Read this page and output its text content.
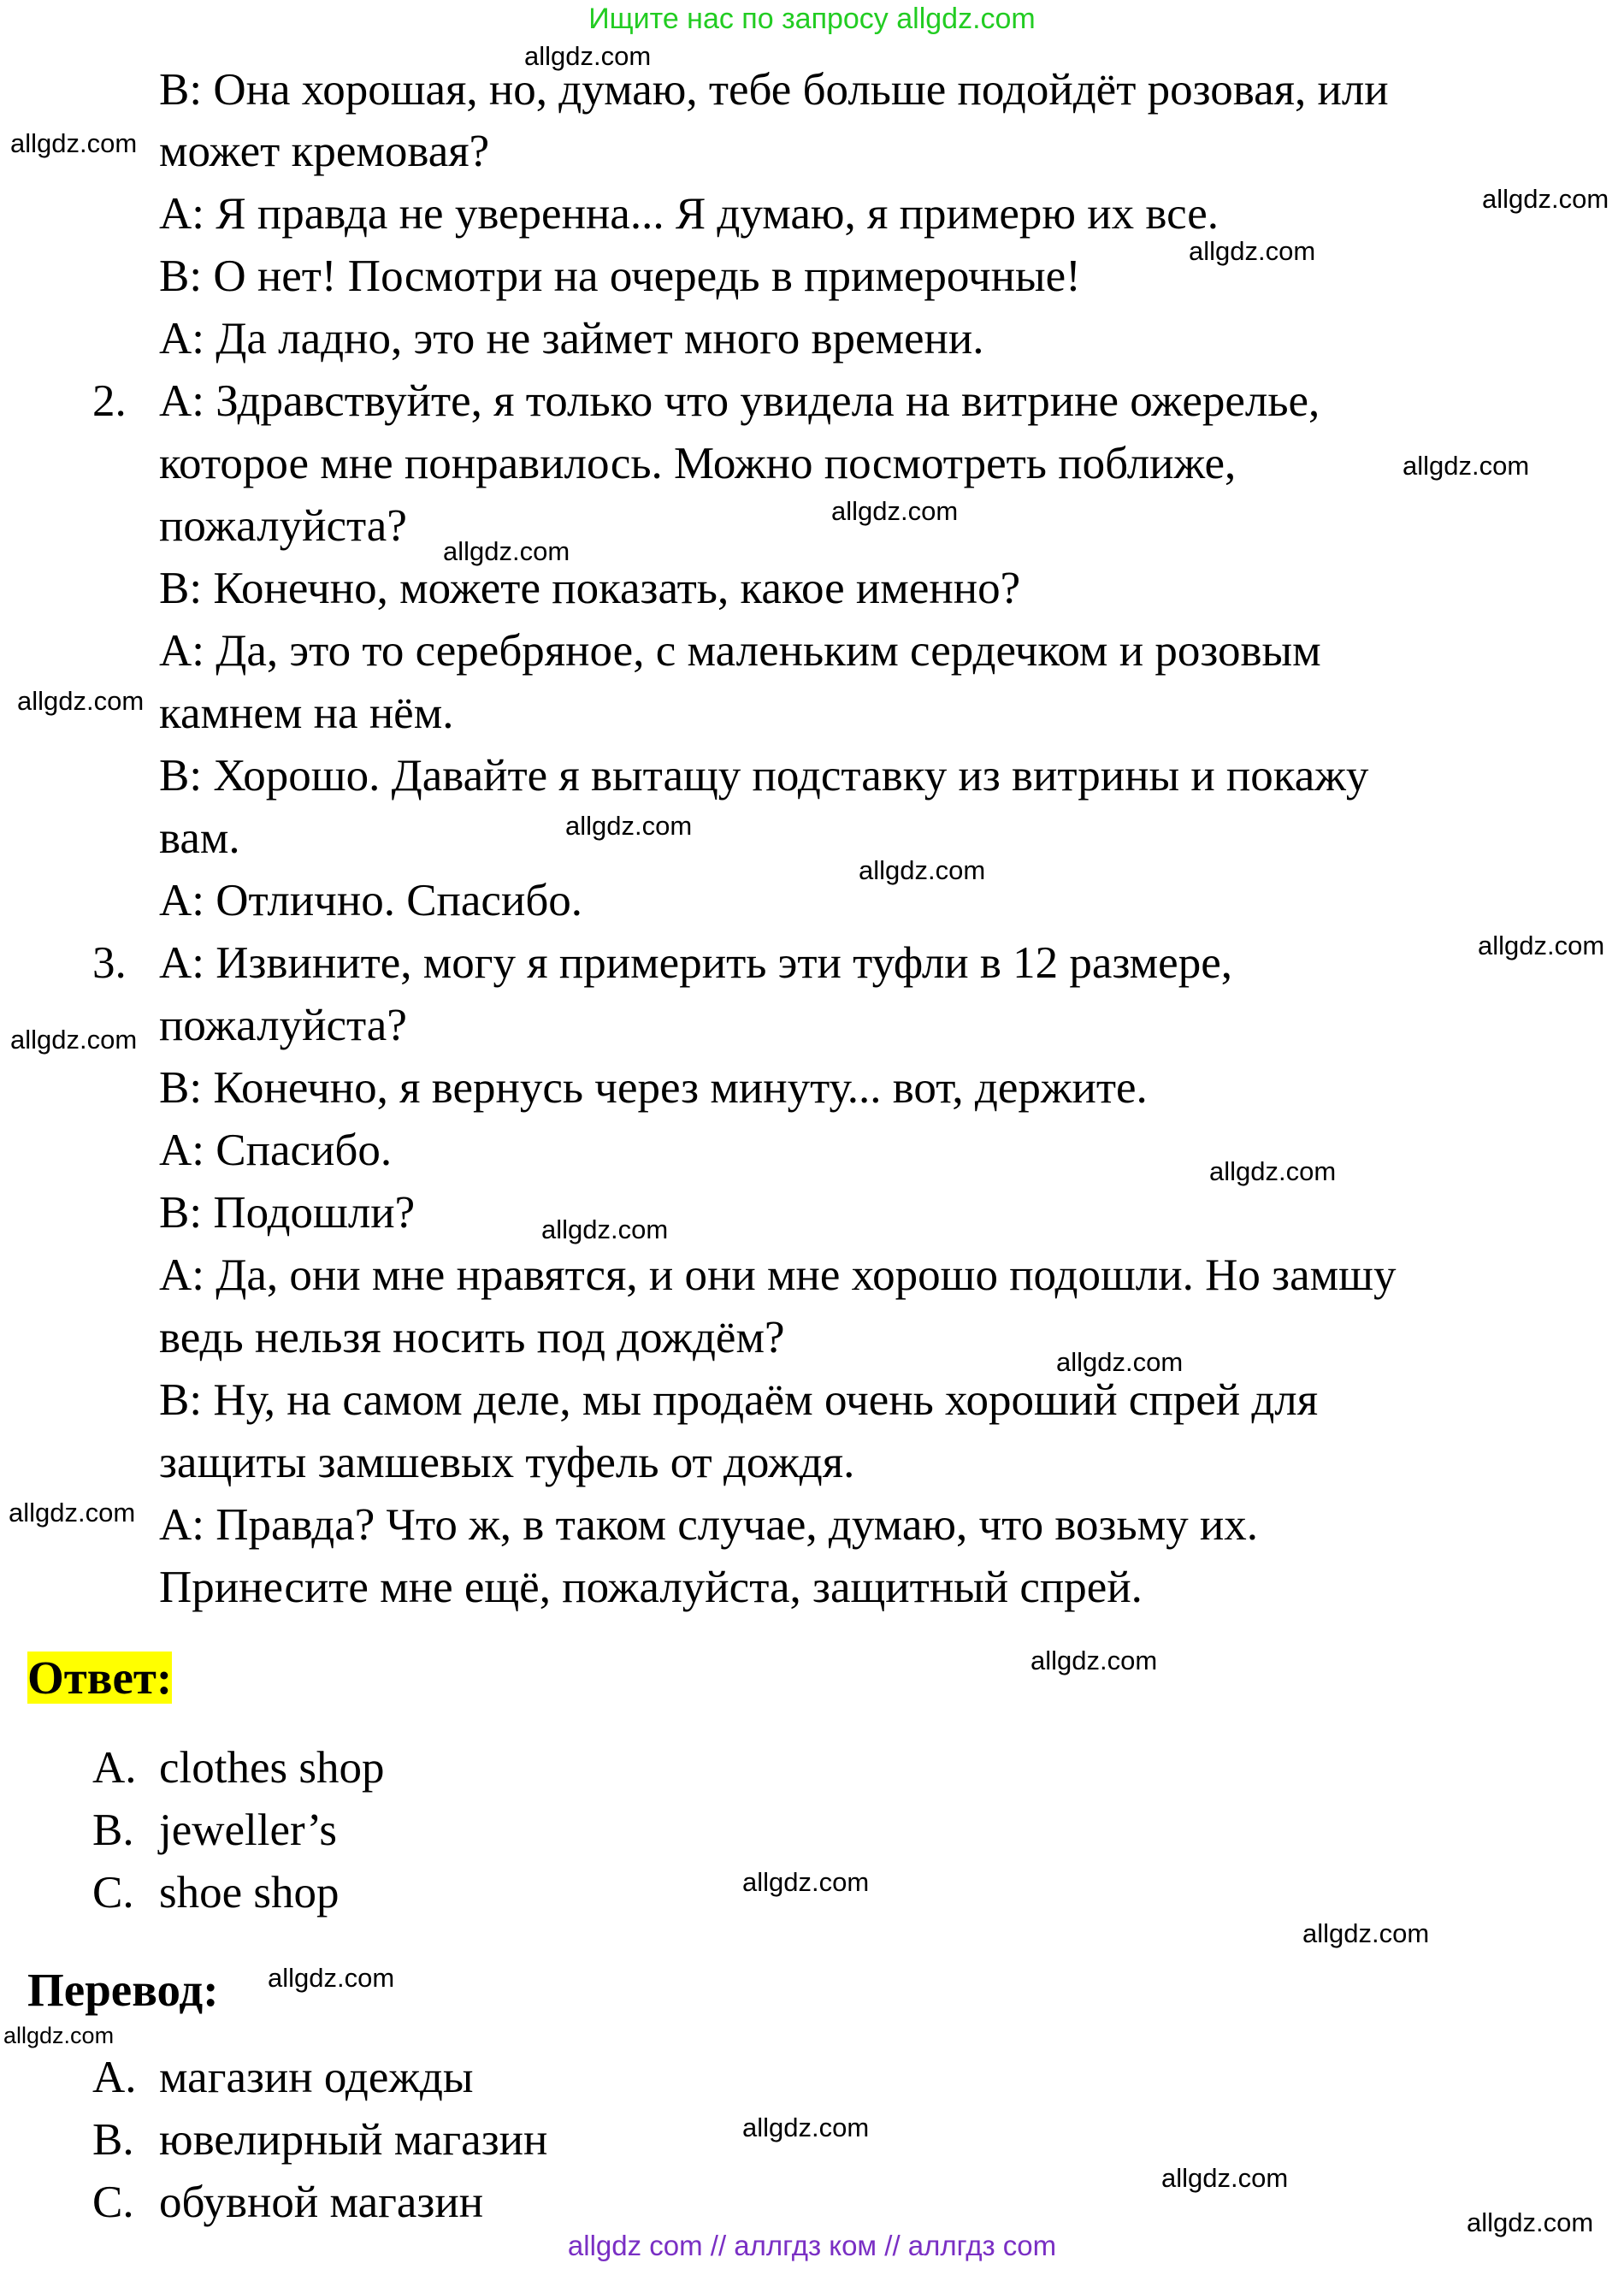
Ищите нас по запросу allgdz.com
B: Она хорошая, но, думаю, тебе больше подойдёт розовая, или
может кремовая?
A: Я правда не уверенна... Я думаю, я примерю их все.
B: О нет! Посмотри на очередь в примерочные!
A: Да ладно, это не займет много времени.
2. A: Здравствуйте, я только что увидела на витрине ожерелье,
которое мне понравилось. Можно посмотреть поближе,
пожалуйста?
B: Конечно, можете показать, какое именно?
A: Да, это то серебряное, с маленьким сердечком и розовым
камнем на нём.
B: Хорошо. Давайте я вытащу подставку из витрины и покажу
вам.
A: Отлично. Спасибо.
3. A: Извините, могу я примерить эти туфли в 12 размере,
пожалуйста?
B: Конечно, я вернусь через минуту... вот, держите.
A: Спасибо.
B: Подошли?
A: Да, они мне нравятся, и они мне хорошо подошли. Но замшу
ведь нельзя носить под дождём?
B: Ну, на самом деле, мы продаём очень хороший спрей для
защиты замшевых туфель от дождя.
A: Правда? Что ж, в таком случае, думаю, что возьму их.
Принесите мне ещё, пожалуйста, защитный спрей.
Ответ:
A. clothes shop
B. jeweller’s
C. shoe shop
Перевод:
A. магазин одежды
B. ювелирный магазин
C. обувной магазин
allgdz.com
allgdz.com
allgdz.com
allgdz.com
allgdz.com
allgdz.com
allgdz.com
allgdz.com
allgdz.com
allgdz.com
allgdz.com
allgdz.com
allgdz.com
allgdz.com
allgdz.com
allgdz.com
allgdz.com
allgdz.com
allgdz.com
allgdz.com
allgdz.com
allgdz.com
allgdz.com
allgdz.com
allgdz com // аллгдз ком // аллгдз com
